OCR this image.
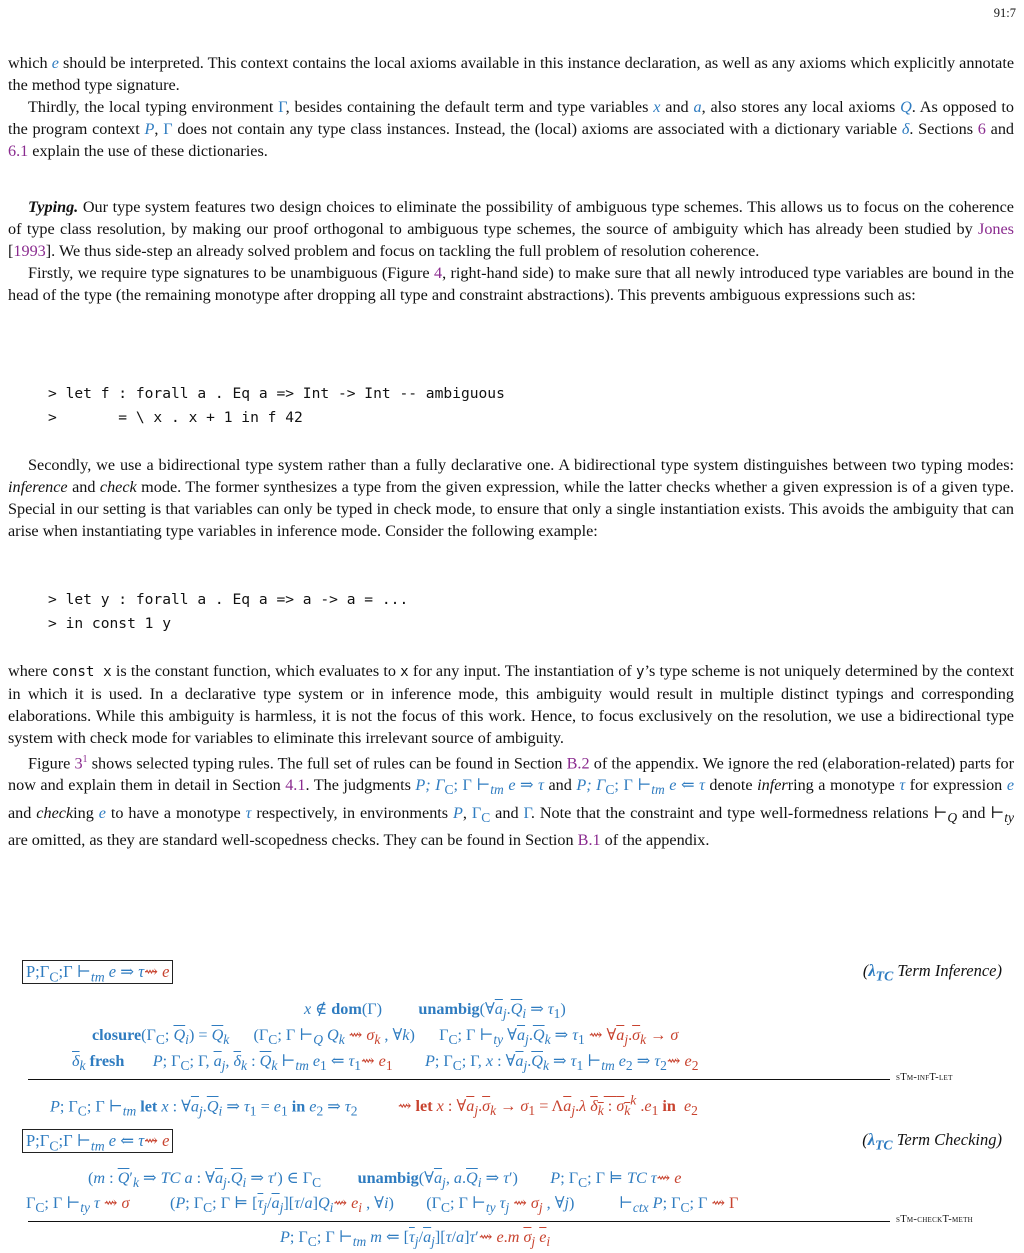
91:7

which e should be interpreted. This context contains the local axioms available in this instance declaration, as well as any axioms which explicitly annotate the method type signature.

Thirdly, the local typing environment Γ, besides containing the default term and type variables x and a, also stores any local axioms Q. As opposed to the program context P, Γ does not contain any type class instances. Instead, the (local) axioms are associated with a dictionary variable δ. Sections 6 and 6.1 explain the use of these dictionaries.

Typing. Our type system features two design choices to eliminate the possibility of ambiguous type schemes. This allows us to focus on the coherence of type class resolution, by making our proof orthogonal to ambiguous type schemes, the source of ambiguity which has already been studied by Jones [1993]. We thus side-step an already solved problem and focus on tackling the full problem of resolution coherence.

Firstly, we require type signatures to be unambiguous (Figure 4, right-hand side) to make sure that all newly introduced type variables are bound in the head of the type (the remaining monotype after dropping all type and constraint abstractions). This prevents ambiguous expressions such as:

> let f : forall a . Eq a => Int -> Int -- ambiguous
>       = \ x . x + 1 in f 42

Secondly, we use a bidirectional type system rather than a fully declarative one. A bidirectional type system distinguishes between two typing modes: inference and check mode. The former synthesizes a type from the given expression, while the latter checks whether a given expression is of a given type. Special in our setting is that variables can only be typed in check mode, to ensure that only a single instantiation exists. This avoids the ambiguity that can arise when instantiating type variables in inference mode. Consider the following example:

> let y : forall a . Eq a => a -> a = ...
> in const 1 y

where const x is the constant function, which evaluates to x for any input. The instantiation of y’s type scheme is not uniquely determined by the context in which it is used. In a declarative type system or in inference mode, this ambiguity would result in multiple distinct typings and corresponding elaborations. While this ambiguity is harmless, it is not the focus of this work. Hence, to focus exclusively on the resolution, we use a bidirectional type system with check mode for variables to eliminate this irrelevant source of ambiguity.

Figure $3^1$ shows selected typing rules. The full set of rules can be found in Section B.2 of the appendix. We ignore the red (elaboration-related) parts for now and explain them in detail in Section 4.1. The judgments P; $\Gamma_C$; Γ $⊢_{tm}$ e ⇒ τ and P; $\Gamma_C$; Γ $⊢_{tm}$ e ⇐ τ denote inferring a monotype τ for expression e and checking e to have a monotype τ respectively, in environments P, $\Gamma_C$ and Γ. Note that the constraint and type well-formedness relations $⊢_Q$ and $⊢_{ty}$ are omitted, as they are standard well-scopedness checks. They can be found in Section B.1 of the appendix.

$P;\Gamma_C;\Gamma$ $⊢_{tm}$ e ⇒ τ⇝ e	($\lambda_{TC}$ Term Inference)
x ∉ dom(Γ)         $unambig(\forall\overline{a}_j.\overline{Q}_i$ ⇒ $\tau_1$)
$closure(\Gamma_C$; $\overline{Q}_i) = \overline{Q}_k$      ($\Gamma_C$; Γ $⊢_Q$ $Q_k$ ⇝ $\sigma_k$ , ∀k)      $\Gamma_C$; Γ $⊢_{ty}$ $\forall\overline{a}_j.\overline{Q}_k$ ⇒ $\tau_1$ ⇝ $\forall\overline{a}_j.\overline{\sigma}_k \to \sigma$
$\overline{\delta}_k$ fresh P; $\Gamma_C$; Γ, $\overline{a}_j$, $\overline{\delta}_k$ : $\overline{Q}_k$ $⊢_{tm}$ $e_1$ ⇐ $\tau_1⇝$ $e_1$ P; $\Gamma_C$; Γ, x : $\forall\overline{a}_j.\overline{Q}_k$ ⇒ $\tau_1$ $⊢_{tm}$ $e_2$ ⇒ $\tau_2⇝$ $e_2$
sTm-infT-let
P; $\Gamma_C$; Γ $⊢_{tm}$ let x : $\forall\overline{a}_j.\overline{Q}_i$ ⇒ $\tau_1 = e_1$ in $e_2$ ⇒ $\tau_2$ ⇝ let x : $\forall\overline{a}_j.\overline{\sigma}_k \to \sigma_1 = \Lambda\overline{a}_j.\lambda$ $\delta_k$ : $\sigma_k^k$ $.e_1$ in $e_2$
$P;\Gamma_C;\Gamma$ $⊢_{tm}$ e ⇐ τ⇝ e	($\lambda_{TC}$ Term Checking)
(m : $\overline{Q}'_k$ ⇒ TC a : $\forall\overline{a}_j.\overline{Q}_i$ ⇒ τ′) ∈ $\Gamma_C$ $unambig(\forall\overline{a}_j$, $a.\overline{Q}_i$ ⇒ τ′)        P; $\Gamma_C$; Γ ⊨ TC τ⇝ e
$\Gamma_C$; Γ $⊢_{ty}$ τ ⇝ σ          (P; $\Gamma_C$; Γ ⊨ $[\overline{\tau}_j/\overline{a}_j][\tau/a]Q_i⇝$ $e_i$ , ∀i)        ($\Gamma_C$; Γ $⊢_{ty}$ $\tau_j$ ⇝ $\sigma_j$ , ∀j)           $⊢_{ctx}$ P; $\Gamma_C$; Γ ⇝ Γ
sTm-checkT-meth
P; $\Gamma_C$; Γ $⊢_{tm}$ m ⇐ $[\overline{\tau}_j/\overline{a}_j][\tau/a]\tau'⇝$ e.m $\overline{\sigma}_j$ $\overline{e}_i$
